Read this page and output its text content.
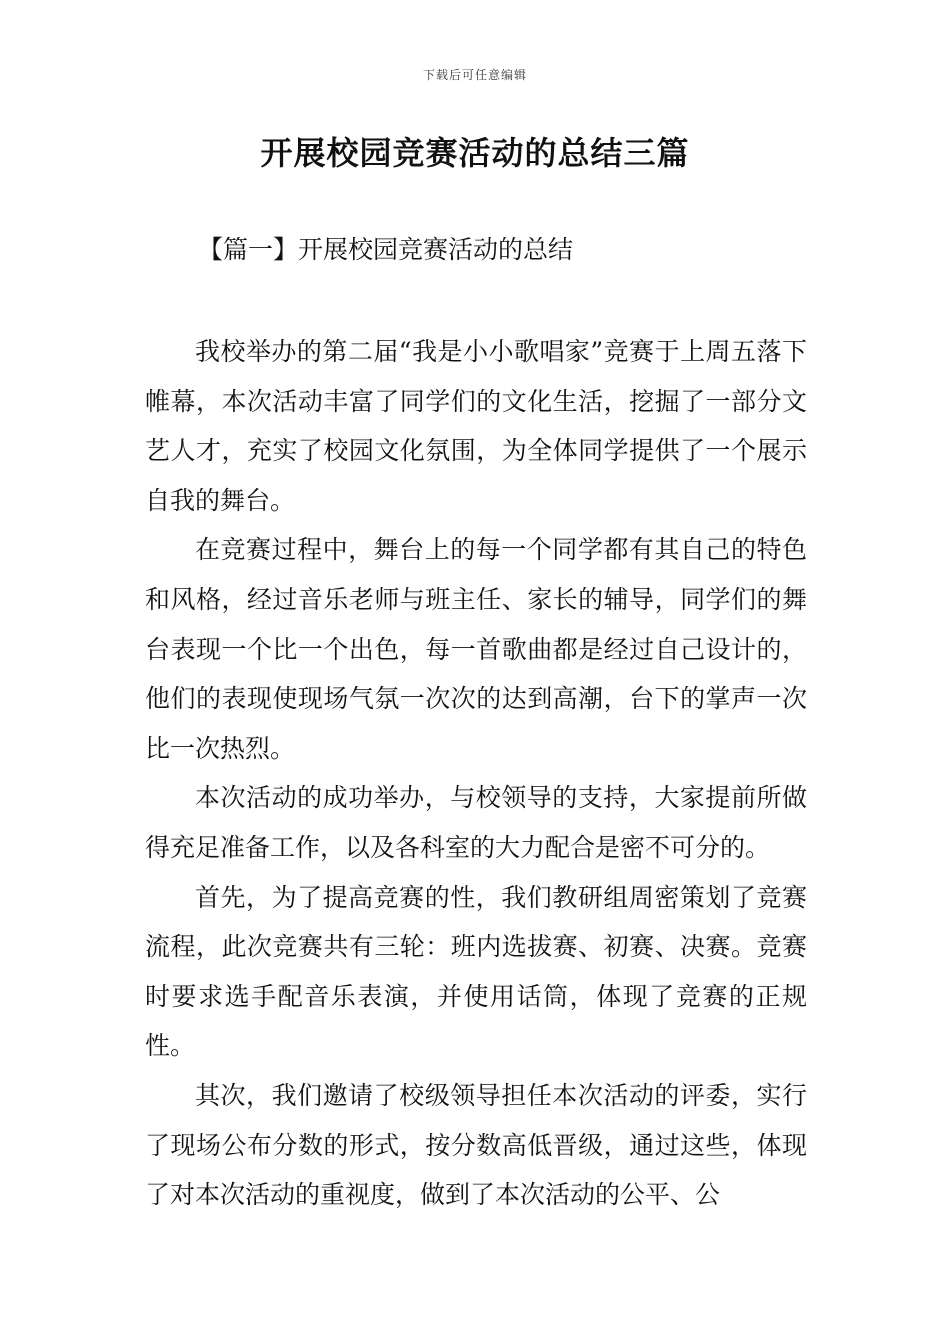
下载后可任意编辑
开展校园竞赛活动的总结三篇
【篇一】开展校园竞赛活动的总结

我校举办的第二届“我是小小歌唱家”竞赛于上周五落下帷幕，本次活动丰富了同学们的文化生活，挖掘了一部分文艺人才，充实了校园文化氛围，为全体同学提供了一个展示自我的舞台。

在竞赛过程中，舞台上的每一个同学都有其自己的特色和风格，经过音乐老师与班主任、家长的辅导，同学们的舞台表现一个比一个出色，每一首歌曲都是经过自己设计的，他们的表现使现场气氛一次次的达到高潮，台下的掌声一次比一次热烈。

本次活动的成功举办，与校领导的支持，大家提前所做得充足准备工作，以及各科室的大力配合是密不可分的。

首先，为了提高竞赛的性，我们教研组周密策划了竞赛流程，此次竞赛共有三轮：班内选拔赛、初赛、决赛。竞赛时要求选手配音乐表演，并使用话筒，体现了竞赛的正规性。

其次，我们邀请了校级领导担任本次活动的评委，实行了现场公布分数的形式，按分数高低晋级，通过这些，体现了对本次活动的重视度，做到了本次活动的公平、公
